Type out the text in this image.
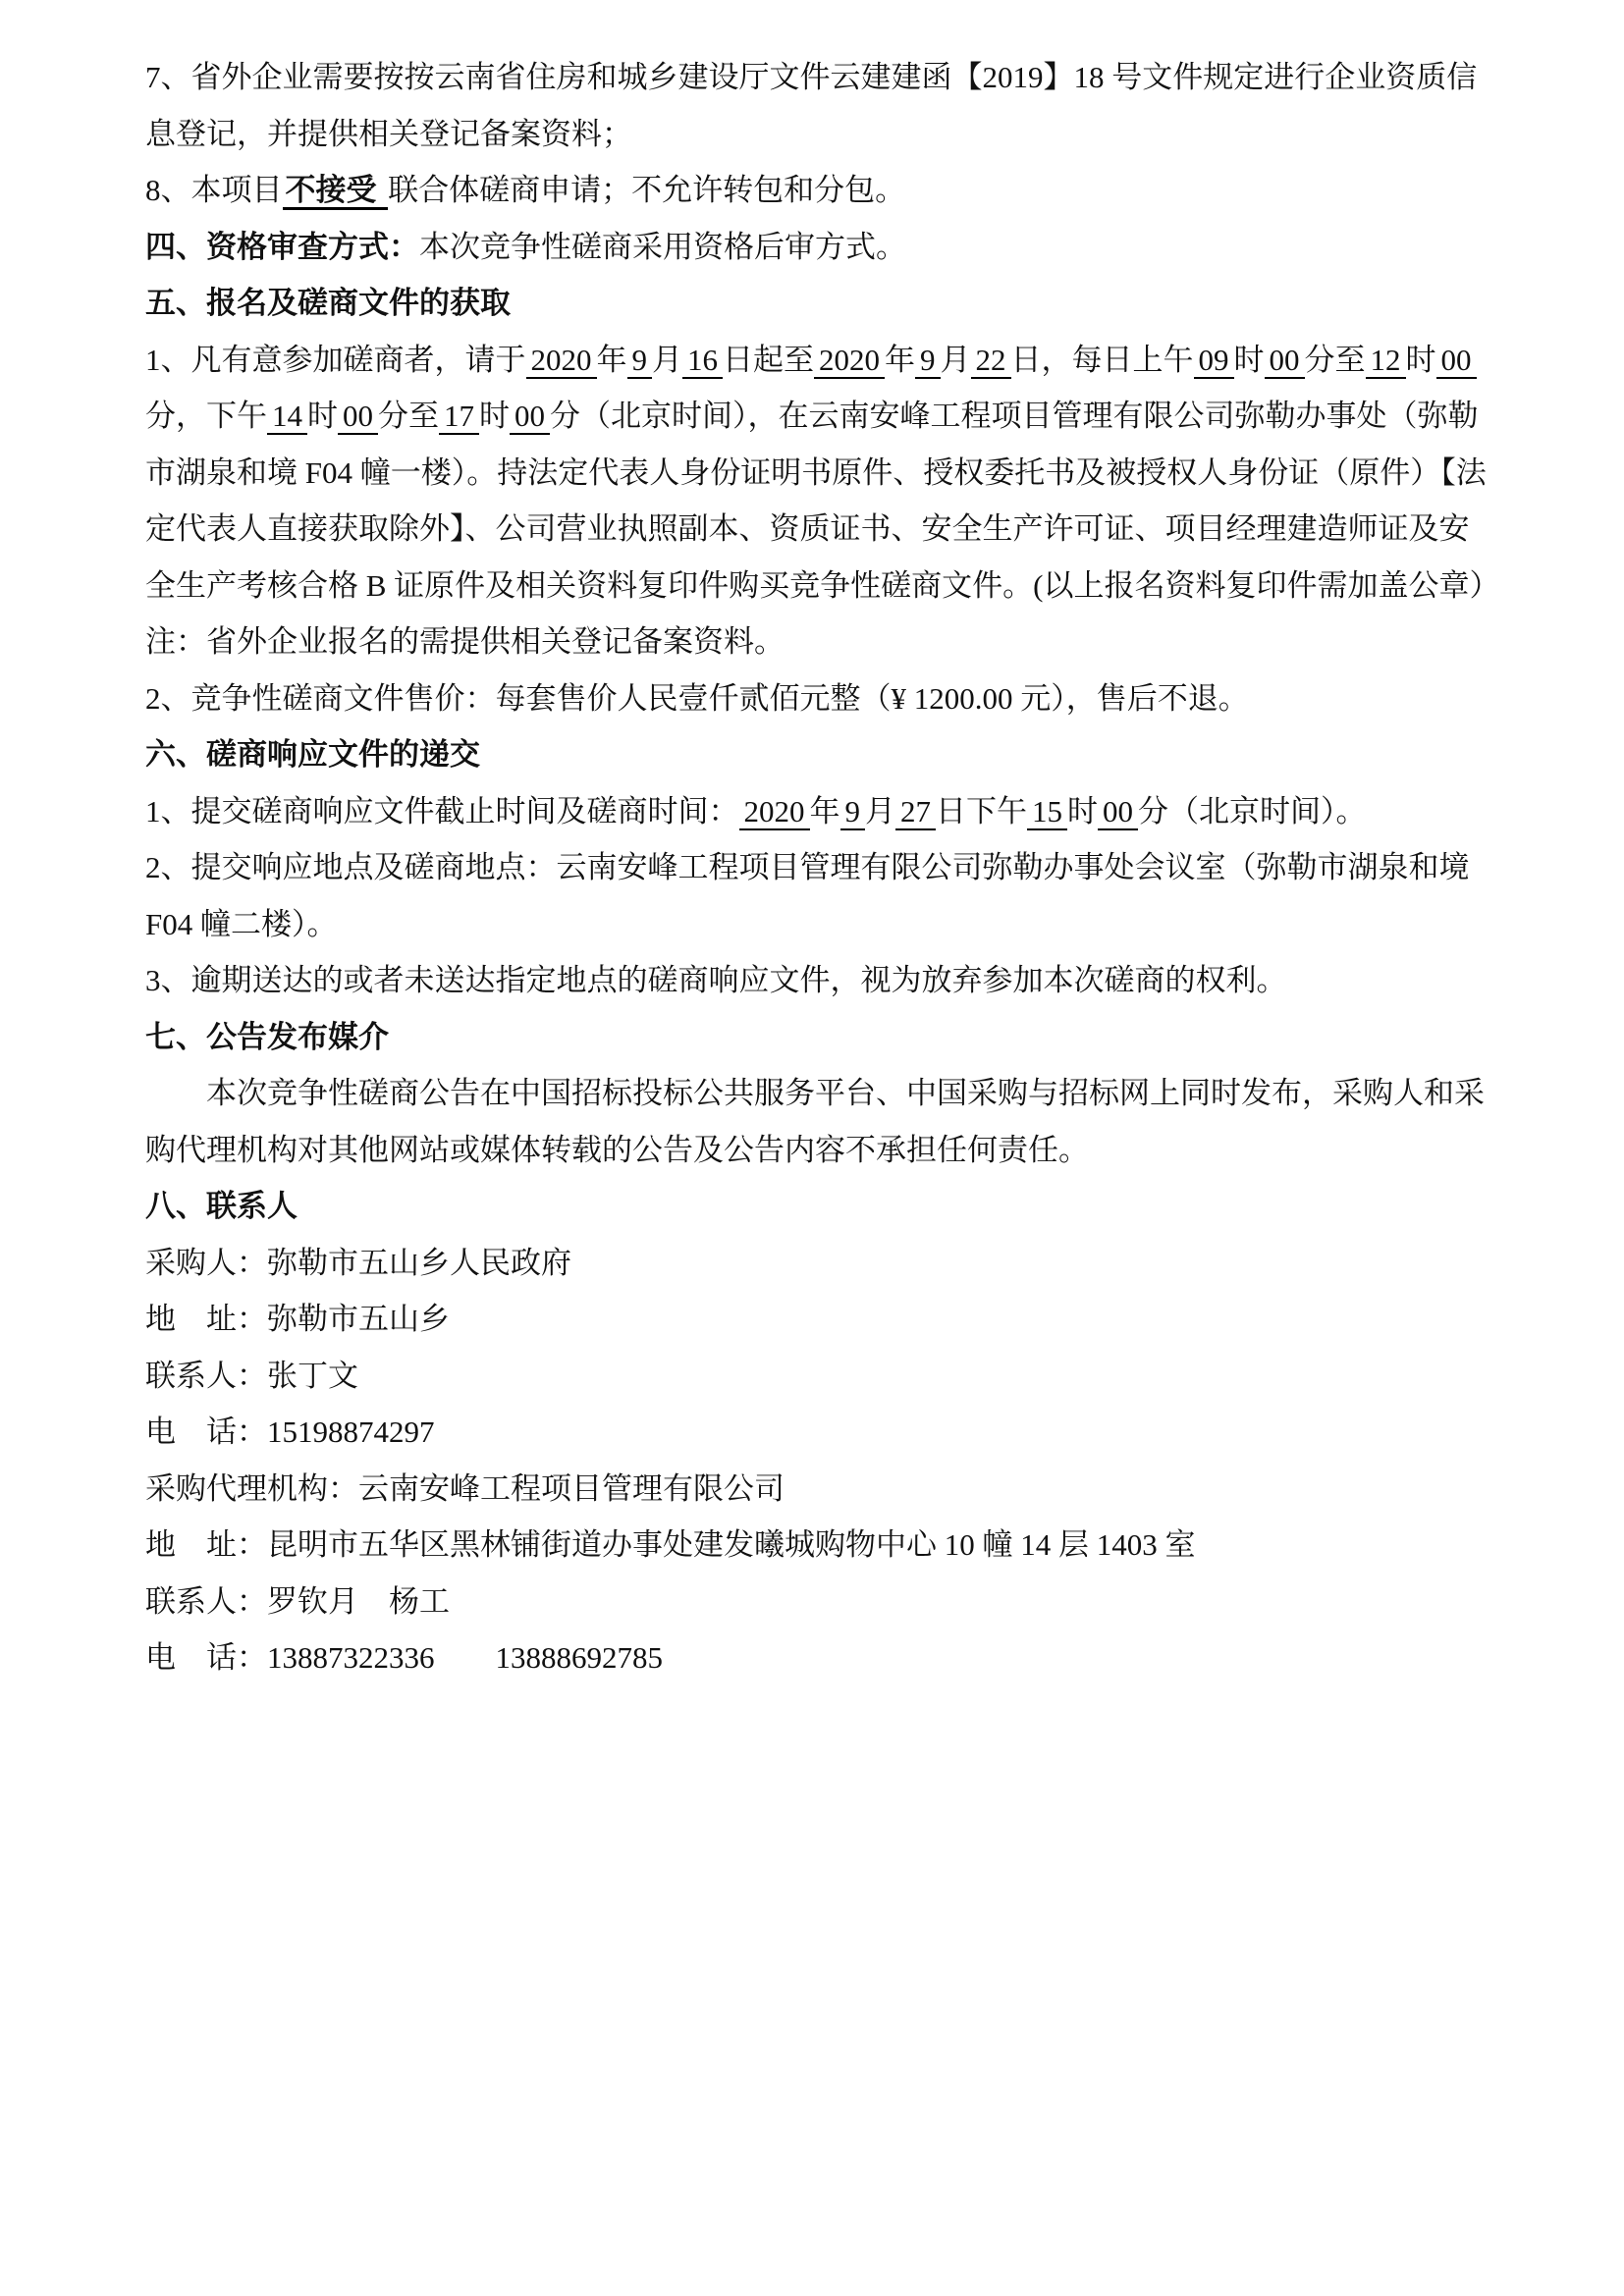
7、省外企业需要按按云南省住房和城乡建设厅文件云建建函【2019】18 号文件规定进行企业资质信息登记，并提供相关登记备案资料；

8、本项目不接受 联合体磋商申请；不允许转包和分包。

四、资格审查方式：本次竞争性磋商采用资格后审方式。

五、报名及磋商文件的获取

1、凡有意参加磋商者，请于 2020 年 9 月 16 日起至 2020 年 9 月 22 日，每日上午 09 时 00 分至 12 时 00分，下午 14 时 00 分至 17 时 00 分（北京时间），在云南安峰工程项目管理有限公司弥勒办事处（弥勒市湖泉和境 F04 幢一楼）。持法定代表人身份证明书原件、授权委托书及被授权人身份证（原件）【法定代表人直接获取除外】、公司营业执照副本、资质证书、安全生产许可证、项目经理建造师证及安全生产考核合格 B 证原件及相关资料复印件购买竞争性磋商文件。(以上报名资料复印件需加盖公章）注：省外企业报名的需提供相关登记备案资料。

2、竞争性磋商文件售价：每套售价人民壹仟贰佰元整（¥ 1200.00 元），售后不退。

六、磋商响应文件的递交

1、提交磋商响应文件截止时间及磋商时间： 2020 年 9 月 27 日下午 15 时 00 分（北京时间）。

2、提交响应地点及磋商地点：云南安峰工程项目管理有限公司弥勒办事处会议室（弥勒市湖泉和境 F04 幢二楼）。

3、逾期送达的或者未送达指定地点的磋商响应文件，视为放弃参加本次磋商的权利。

七、公告发布媒介

本次竞争性磋商公告在中国招标投标公共服务平台、中国采购与招标网上同时发布，采购人和采购代理机构对其他网站或媒体转载的公告及公告内容不承担任何责任。

八、联系人

采购人：弥勒市五山乡人民政府

地　址：弥勒市五山乡

联系人：张丁文

电　话：15198874297

采购代理机构：云南安峰工程项目管理有限公司

地　址：昆明市五华区黑林铺街道办事处建发曦城购物中心 10 幢 14 层 1403 室

联系人：罗钦月　杨工

电　话：13887322336　　13888692785
